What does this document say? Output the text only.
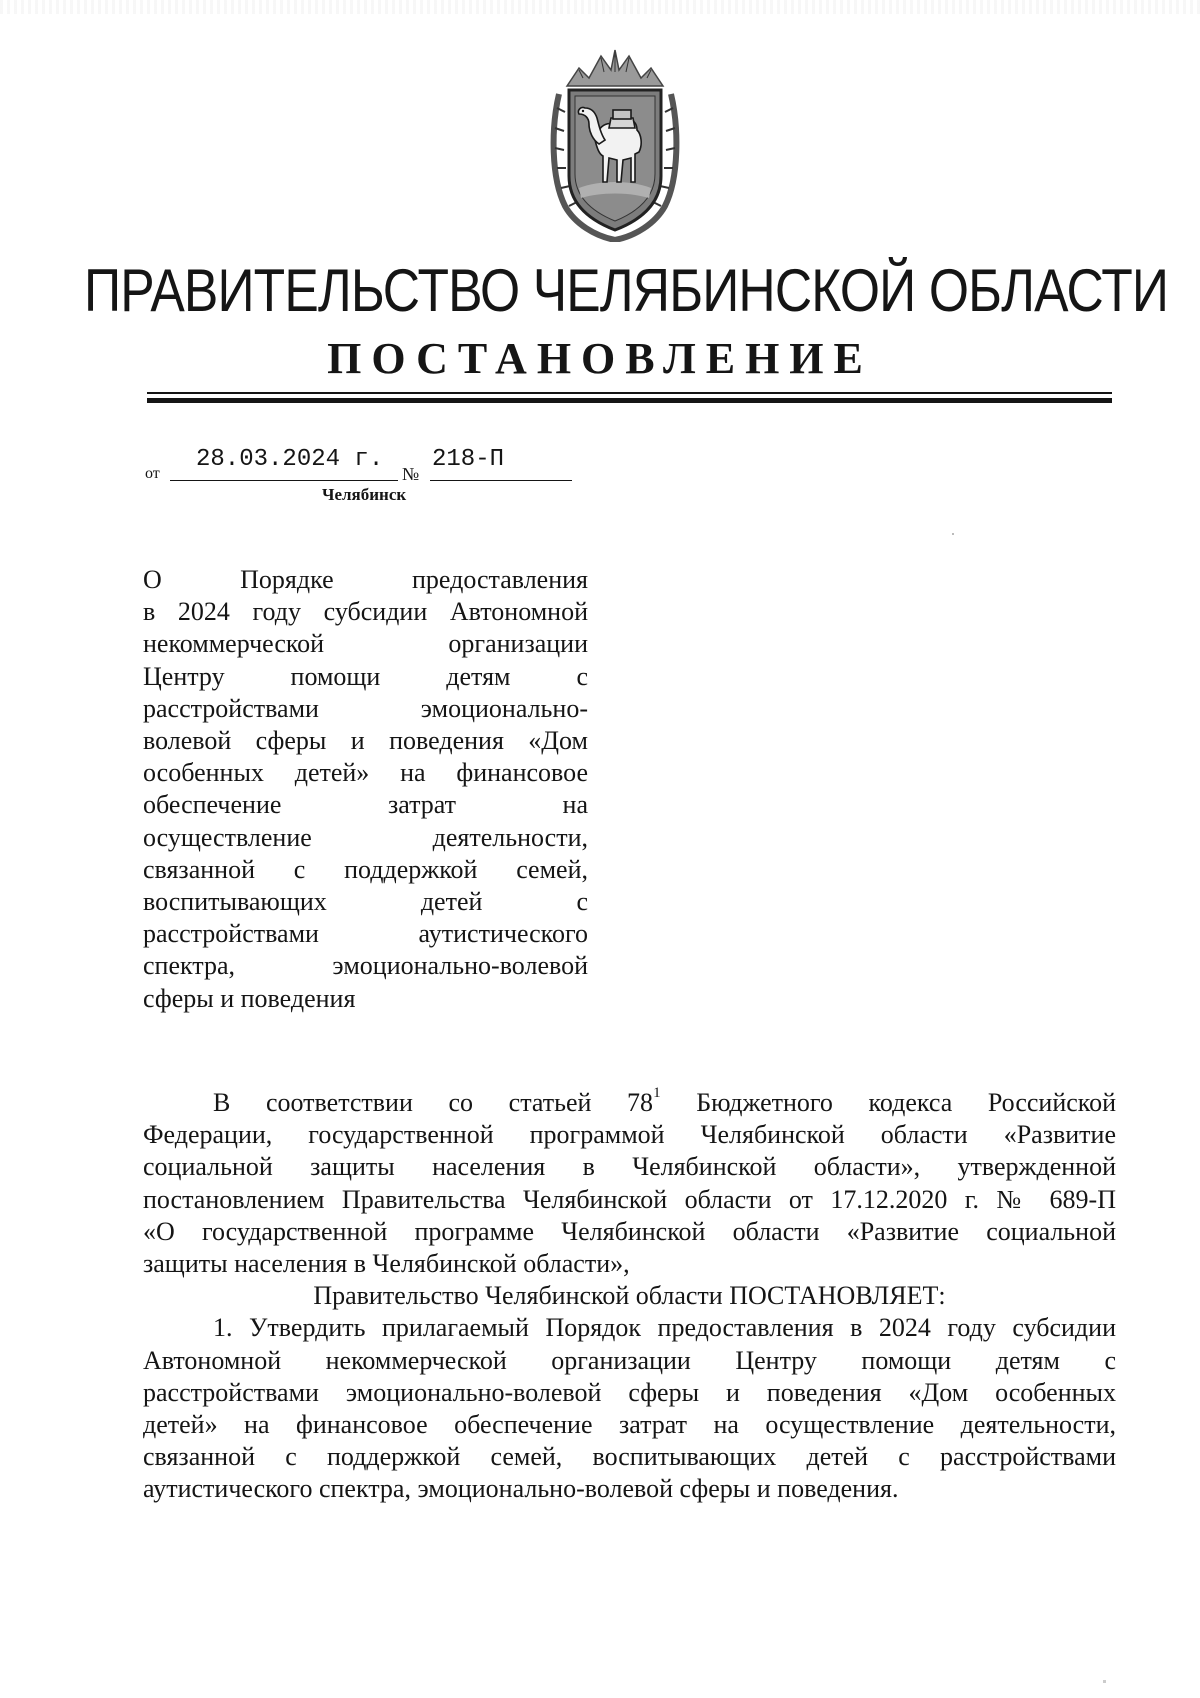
ПРАВИТЕЛЬСТВО ЧЕЛЯБИНСКОЙ ОБЛАСТИ
ПОСТАНОВЛЕНИЕ
от
28.03.2024 г.
№
218-П
Челябинск
О Порядке предоставления
в 2024 году субсидии Автономной
некоммерческой организации
Центру помощи детям с
расстройствами эмоционально-
волевой сферы и поведения «Дом
особенных детей» на финансовое
обеспечение затрат на
осуществление деятельности,
связанной с поддержкой семей,
воспитывающих детей с
расстройствами аутистического
спектра, эмоционально-волевой
сферы и поведения
В соответствии со статьей $78^1$ Бюджетного кодекса Российской
Федерации, государственной программой Челябинской области «Развитие
социальной защиты населения в Челябинской области», утвержденной
постановлением Правительства Челябинской области от 17.12.2020 г. № 689-П
«О государственной программе Челябинской области «Развитие социальной
защиты населения в Челябинской области»,
Правительство Челябинской области ПОСТАНОВЛЯЕТ:
1. Утвердить прилагаемый Порядок предоставления в 2024 году субсидии
Автономной некоммерческой организации Центру помощи детям с
расстройствами эмоционально-волевой сферы и поведения «Дом особенных
детей» на финансовое обеспечение затрат на осуществление деятельности,
связанной с поддержкой семей, воспитывающих детей с расстройствами
аутистического спектра, эмоционально-волевой сферы и поведения.
